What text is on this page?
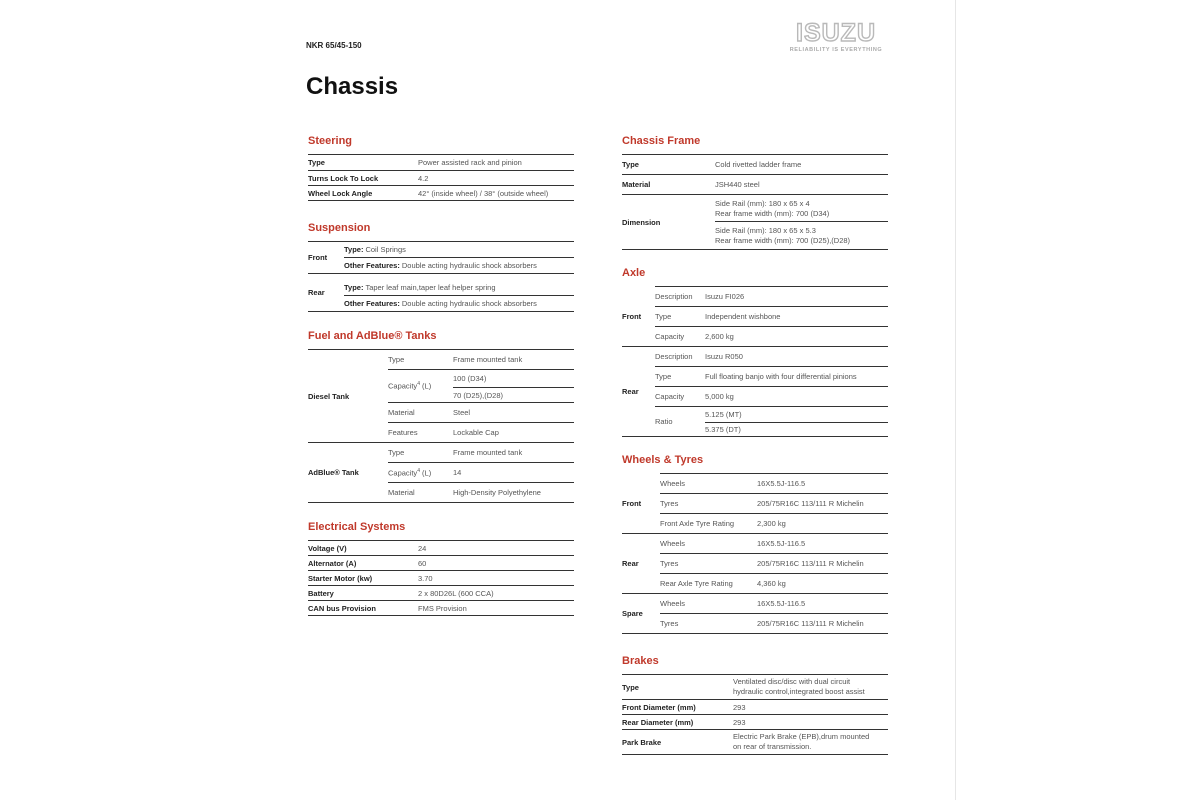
NKR 65/45-150	ISUZU
RELIABILITY IS EVERYTHING
Chassis
Steering
Type	Power assisted rack and pinion
Turns Lock To Lock	4.2
Wheel Lock Angle	42° (inside wheel) / 38° (outside wheel)
Suspension
Front	Type: Coil Springs

	Other Features: Double acting hydraulic shock absorbers

Rear	Type: Taper leaf main,taper leaf helper spring

	Other Features: Double acting hydraulic shock absorbers
Fuel and AdBlue® Tanks
Diesel Tank	Type	Frame mounted tank
	Capacity$^4$ (L)	100 (D34)
		70 (D25),(D28)
	Material	Steel
	Features	Lockable Cap
AdBlue® Tank	Type	Frame mounted tank
	Capacity$^4$ (L)	14
	Material	High-Density Polyethylene
Electrical Systems
Voltage (V)	24
Alternator (A)	60
Starter Motor (kw)	3.70
Battery	2 x 80D26L (600 CCA)
CAN bus Provision	FMS Provision
Chassis Frame
Type	Cold rivetted ladder frame
Material	JSH440 steel
Dimension	Side Rail (mm): 180 x 65 x 4
Rear frame width (mm): 700 (D34)

	Side Rail (mm): 180 x 65 x 5.3
Rear frame width (mm): 700 (D25),(D28)
Axle
Front	Description	Isuzu FI026
	Type	Independent wishbone
	Capacity	2,600 kg
Rear	Description	Isuzu R050
	Type	Full floating banjo with four differential pinions
	Capacity	5,000 kg
	Ratio	5.125 (MT)
		5.375 (DT)
Wheels & Tyres
Front	Wheels	16X5.5J-116.5
	Tyres	205/75R16C 113/111 R Michelin
	Front Axle Tyre Rating	2,300 kg
Rear	Wheels	16X5.5J-116.5
	Tyres	205/75R16C 113/111 R Michelin
	Rear Axle Tyre Rating	4,360 kg
Spare	Wheels	16X5.5J-116.5
	Tyres	205/75R16C 113/111 R Michelin
Brakes
Type	Ventilated disc/disc with dual circuit
hydraulic control,integrated boost assist

Front Diameter (mm)	293
Rear Diameter (mm)	293
Park Brake	Electric Park Brake (EPB),drum mounted
on rear of transmission.
